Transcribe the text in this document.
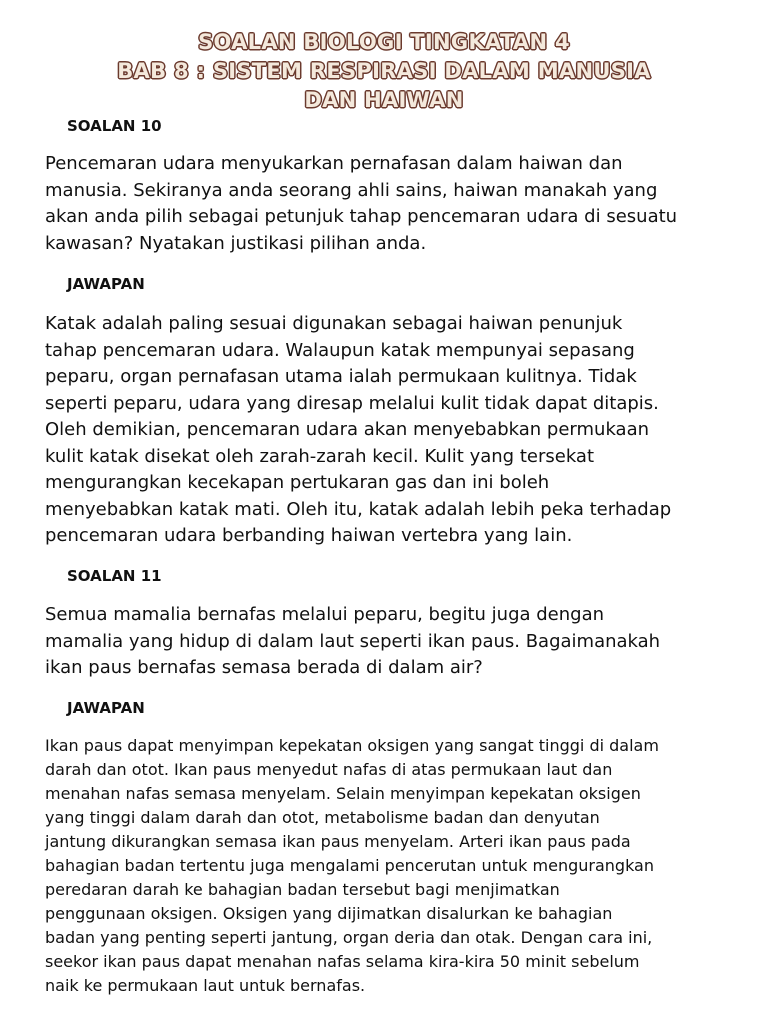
SOALAN BIOLOGI TINGKATAN 4
BAB 8 : SISTEM RESPIRASI DALAM MANUSIA
DAN HAIWAN
SOALAN 10
Pencemaran udara menyukarkan pernafasan dalam haiwan dan
manusia. Sekiranya anda seorang ahli sains, haiwan manakah yang
akan anda pilih sebagai petunjuk tahap pencemaran udara di sesuatu
kawasan? Nyatakan justikasi pilihan anda.
JAWAPAN
Katak adalah paling sesuai digunakan sebagai haiwan penunjuk
tahap pencemaran udara. Walaupun katak mempunyai sepasang
peparu, organ pernafasan utama ialah permukaan kulitnya. Tidak
seperti peparu, udara yang diresap melalui kulit tidak dapat ditapis.
Oleh demikian, pencemaran udara akan menyebabkan permukaan
kulit katak disekat oleh zarah-zarah kecil. Kulit yang tersekat
mengurangkan kecekapan pertukaran gas dan ini boleh
menyebabkan katak mati. Oleh itu, katak adalah lebih peka terhadap
pencemaran udara berbanding haiwan vertebra yang lain.
SOALAN 11
Semua mamalia bernafas melalui peparu, begitu juga dengan
mamalia yang hidup di dalam laut seperti ikan paus. Bagaimanakah
ikan paus bernafas semasa berada di dalam air?
JAWAPAN
Ikan paus dapat menyimpan kepekatan oksigen yang sangat tinggi di dalam
darah dan otot. Ikan paus menyedut nafas di atas permukaan laut dan
menahan nafas semasa menyelam. Selain menyimpan kepekatan oksigen
yang tinggi dalam darah dan otot, metabolisme badan dan denyutan
jantung dikurangkan semasa ikan paus menyelam. Arteri ikan paus pada
bahagian badan tertentu juga mengalami pencerutan untuk mengurangkan
peredaran darah ke bahagian badan tersebut bagi menjimatkan
penggunaan oksigen. Oksigen yang dijimatkan disalurkan ke bahagian
badan yang penting seperti jantung, organ deria dan otak. Dengan cara ini,
seekor ikan paus dapat menahan nafas selama kira-kira 50 minit sebelum
naik ke permukaan laut untuk bernafas.
